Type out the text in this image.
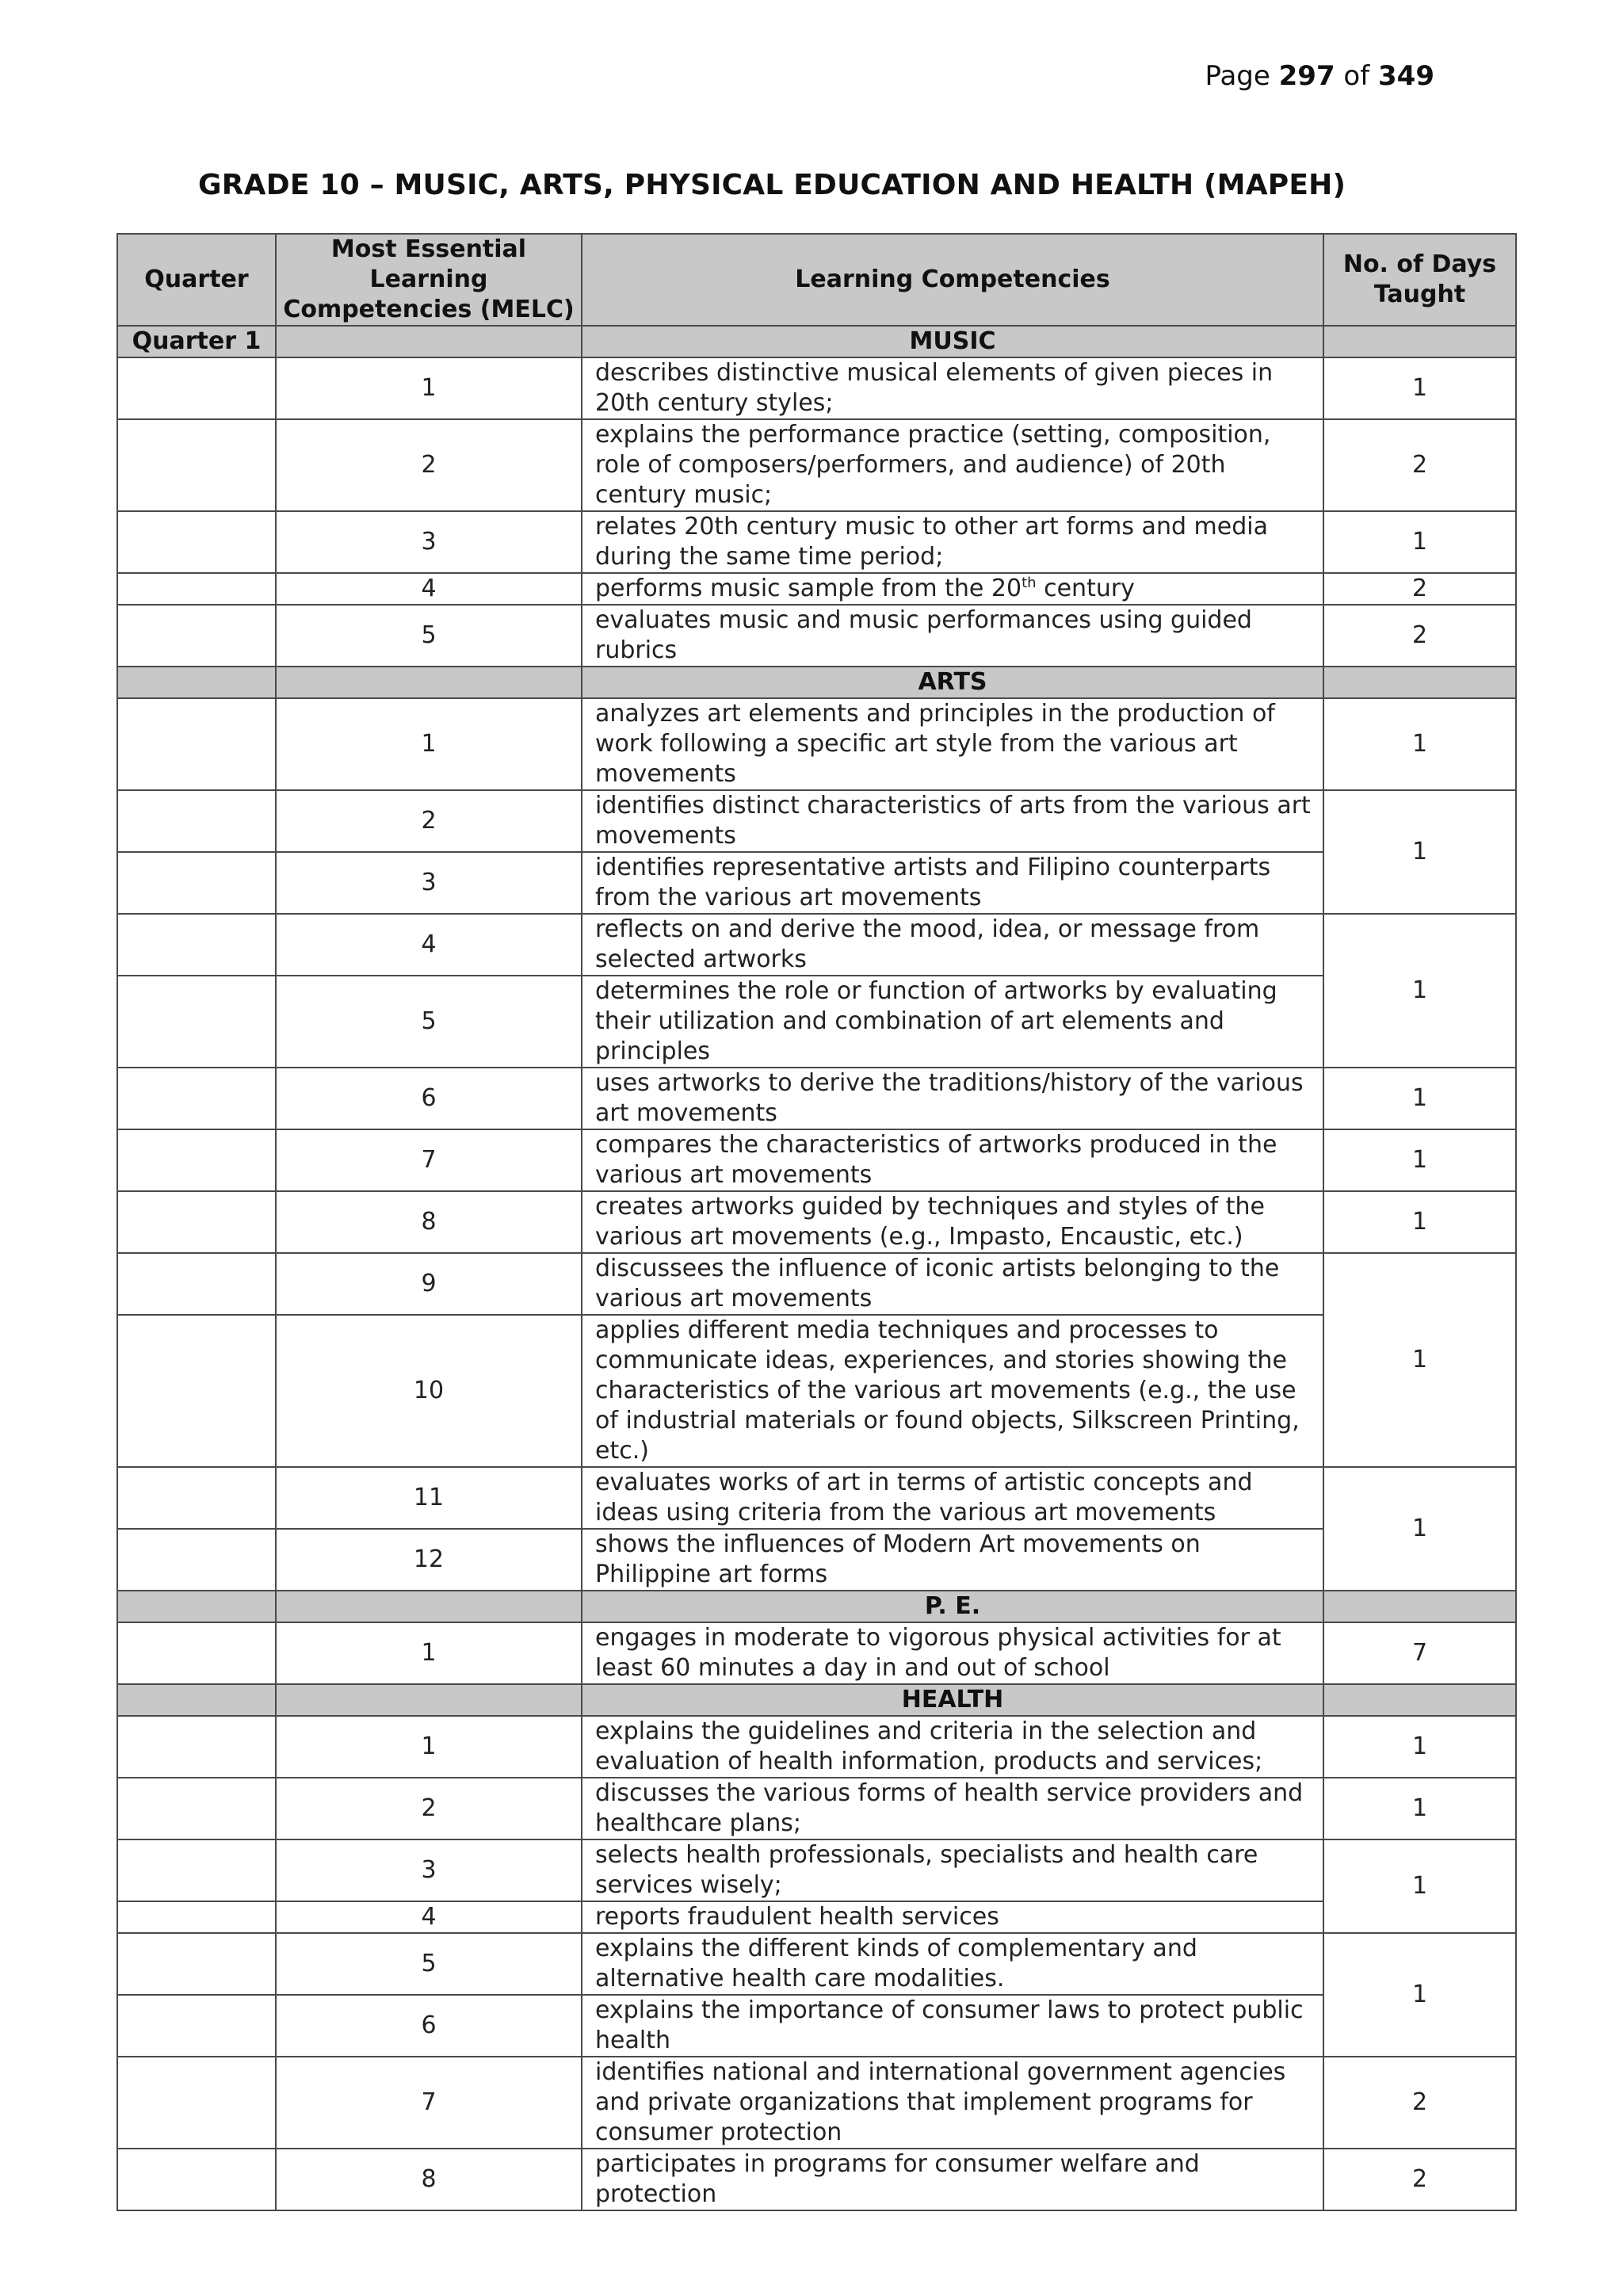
Page 297 of 349
GRADE 10 – MUSIC, ARTS, PHYSICAL EDUCATION AND HEALTH (MAPEH)
Quarter	Most Essential Learning Competencies (MELC)	Learning Competencies	No. of Days Taught
Quarter 1		MUSIC	
	1	describes distinctive musical elements of given pieces in 20th century styles;	1
	2	explains the performance practice (setting, composition, role of composers/performers, and audience) of 20th century music;	2
	3	relates 20th century music to other art forms and media during the same time period;	1
	4	performs music sample from the 20th century	2
	5	evaluates music and music performances using guided rubrics	2
		ARTS	
	1	analyzes art elements and principles in the production of work following a specific art style from the various art movements	1
	2	identifies distinct characteristics of arts from the various art movements	1
	3	identifies representative artists and Filipino counterparts from the various art movements	
	4	reflects on and derive the mood, idea, or message from selected artworks	1
	5	determines the role or function of artworks by evaluating their utilization and combination of art elements and principles	
	6	uses artworks to derive the traditions/history of the various art movements	1
	7	compares the characteristics of artworks produced in the various art movements	1
	8	creates artworks guided by techniques and styles of the various art movements (e.g., Impasto, Encaustic, etc.)	1
	9	discussees the influence of iconic artists belonging to the various art movements	1
	10	applies different media techniques and processes to communicate ideas, experiences, and stories showing the characteristics of the various art movements (e.g., the use of industrial materials or found objects, Silkscreen Printing, etc.)	
	11	evaluates works of art in terms of artistic concepts and ideas using criteria from the various art movements	1
	12	shows the influences of Modern Art movements on Philippine art forms	
		P. E.	
	1	engages in moderate to vigorous physical activities for at least 60 minutes a day in and out of school	7
		HEALTH	
	1	explains the guidelines and criteria in the selection and evaluation of health information, products and services;	1
	2	discusses the various forms of health service providers and healthcare plans;	1
	3	selects health professionals, specialists and health care services wisely;	1
	4	reports fraudulent health services	
	5	explains the different kinds of complementary and alternative health care modalities.	1
	6	explains the importance of consumer laws to protect public health	
	7	identifies national and international government agencies and private organizations that implement programs for consumer protection	2
	8	participates in programs for consumer welfare and protection	2
